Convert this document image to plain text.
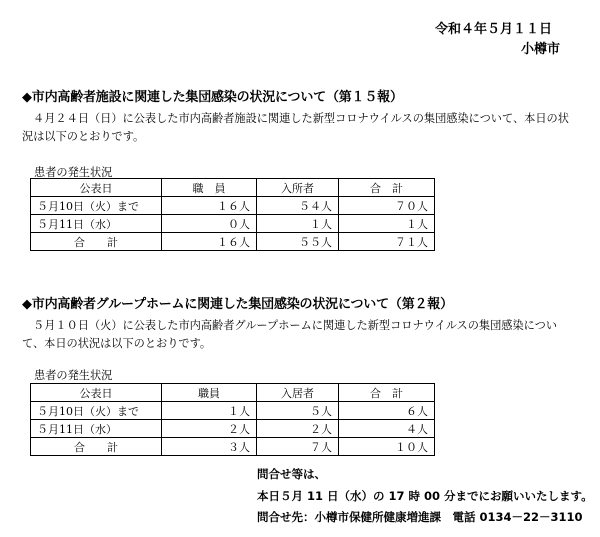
令和４年５月１１日
小樽市
◆市内高齢者施設に関連した集団感染の状況について（第１５報）
４月２４日（日）に公表した市内高齢者施設に関連した新型コロナウイルスの集団感染について、本日の状況は以下のとおりです。
患者の発生状況
公表日	職　員	入所者	合　計
５月10日（火）まで	１６人	５４人	７０人
５月11日（水）	０人	１人	１人
合　　計	１６人	５５人	７１人
◆市内高齢者グループホームに関連した集団感染の状況について（第２報）
５月１０日（火）に公表した市内高齢者グループホームに関連した新型コロナウイルスの集団感染について、本日の状況は以下のとおりです。
患者の発生状況
公表日	職員	入居者	合　計
５月10日（火）まで	１人	５人	６人
５月11日（水）	２人	２人	４人
合　　計	３人	７人	１０人
問合せ等は、
本日５月 11 日（水）の 17 時 00 分までにお願いいたします。
問合せ先：小樽市保健所健康増進課　電話 0134－22－3110
